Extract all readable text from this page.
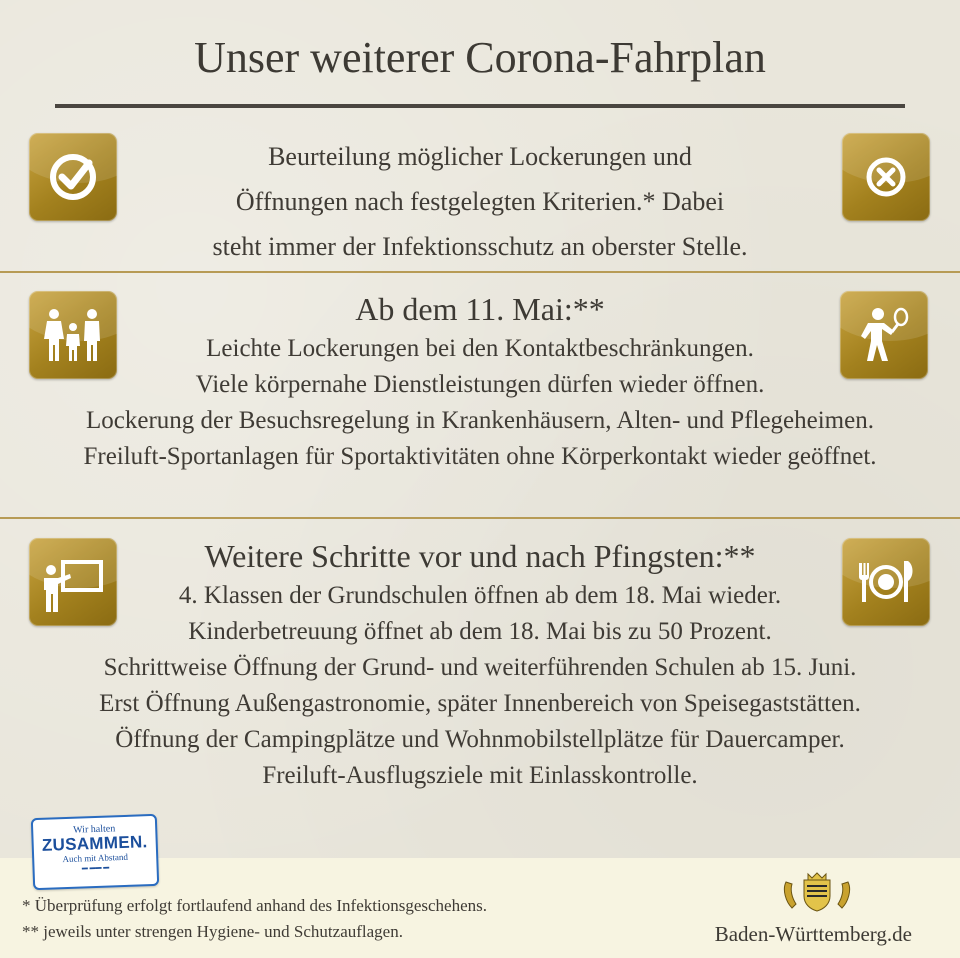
Unser weiterer Corona-Fahrplan
Beurteilung möglicher Lockerungen und
Öffnungen nach festgelegten Kriterien.* Dabei
steht immer der Infektionsschutz an oberster Stelle.
Ab dem 11. Mai:**
Leichte Lockerungen bei den Kontaktbeschränkungen.
Viele körpernahe Dienstleistungen dürfen wieder öffnen.
Lockerung der Besuchsregelung in Krankenhäusern, Alten- und Pflegeheimen.
Freiluft-Sportanlagen für Sportaktivitäten ohne Körperkontakt wieder geöffnet.
Weitere Schritte vor und nach Pfingsten:**
4. Klassen der Grundschulen öffnen ab dem 18. Mai wieder.
Kinderbetreuung öffnet ab dem 18. Mai bis zu 50 Prozent.
Schrittweise Öffnung der Grund- und weiterführenden Schulen ab 15. Juni.
Erst Öffnung Außengastronomie, später Innenbereich von Speisegaststätten.
Öffnung der Campingplätze und Wohnmobilstellplätze für Dauercamper.
Freiluft-Ausflugsziele mit Einlasskontrolle.
Wir halten
ZUSAMMEN.
Auch mit Abstand
▬ ▬▬ ▬
* Überprüfung erfolgt fortlaufend anhand des Infektionsgeschehens.
** jeweils unter strengen Hygiene- und Schutzauflagen.	Baden-Württemberg.de
